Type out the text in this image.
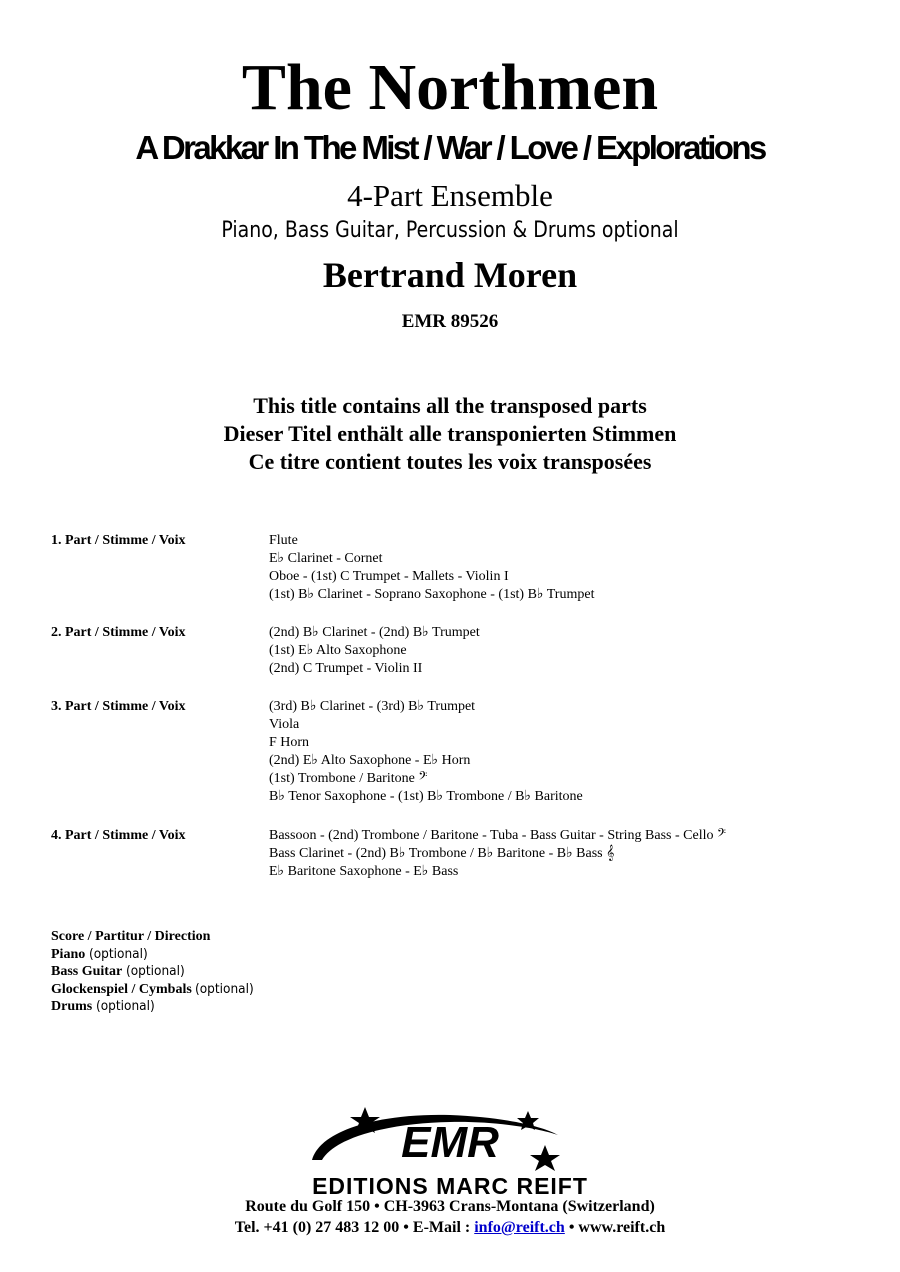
The Northmen
A Drakkar In The Mist / War / Love / Explorations
4-Part Ensemble
Piano, Bass Guitar, Percussion & Drums optional
Bertrand Moren
EMR 89526
This title contains all the transposed parts
Dieser Titel enthält alle transponierten Stimmen
Ce titre contient toutes les voix transposées
1. Part / Stimme / Voix	Flute
E♭ Clarinet - Cornet
Oboe - (1st) C Trumpet - Mallets - Violin I
(1st) B♭ Clarinet - Soprano Saxophone - (1st) B♭ Trumpet
2. Part / Stimme / Voix	(2nd) B♭ Clarinet - (2nd) B♭ Trumpet
(1st) E♭ Alto Saxophone
(2nd) C Trumpet - Violin II
3. Part / Stimme / Voix	(3rd) B♭ Clarinet - (3rd) B♭ Trumpet
Viola
F Horn
(2nd) E♭ Alto Saxophone - E♭ Horn
(1st) Trombone / Baritone 𝄢
B♭ Tenor Saxophone - (1st) B♭ Trombone / B♭ Baritone
4. Part / Stimme / Voix	Bassoon - (2nd) Trombone / Baritone - Tuba - Bass Guitar - String Bass - Cello 𝄢
Bass Clarinet - (2nd) B♭ Trombone / B♭ Baritone - B♭ Bass 𝄞
E♭ Baritone Saxophone - E♭ Bass
Score / Partitur / Direction
Piano (optional)
Bass Guitar (optional)
Glockenspiel / Cymbals (optional)
Drums (optional)
EMR
EDITIONS MARC REIFT
Route du Golf 150 • CH-3963 Crans-Montana (Switzerland)
Tel. +41 (0) 27 483 12 00 • E-Mail : info@reift.ch • www.reift.ch
